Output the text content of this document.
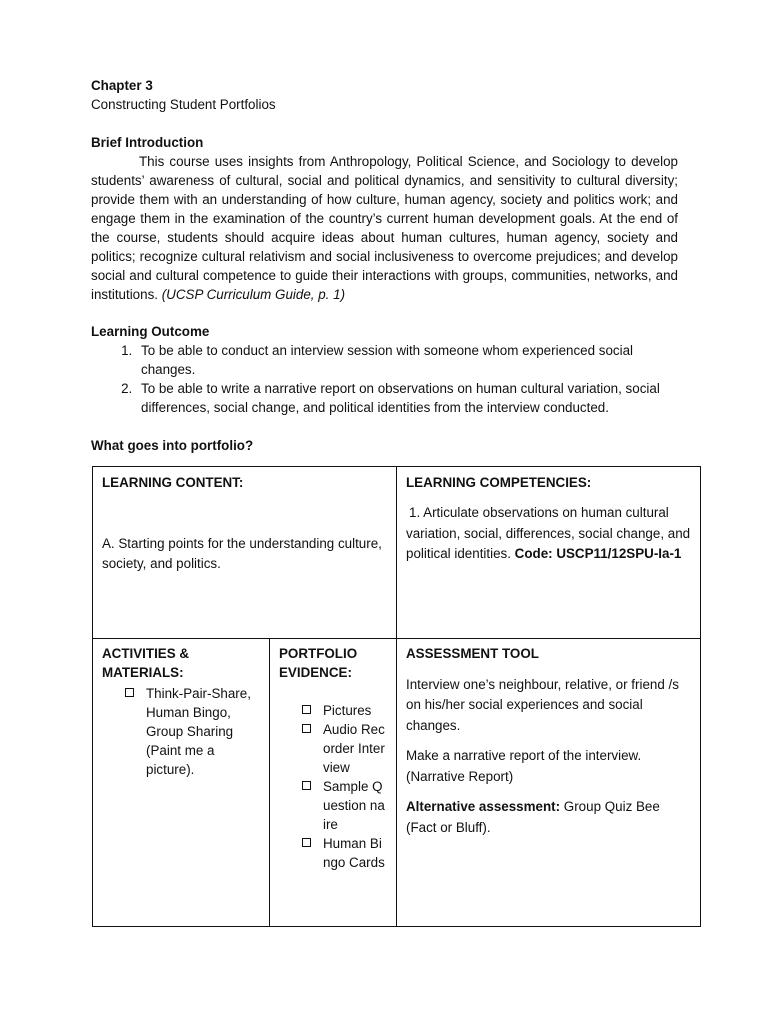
Chapter 3
Constructing Student Portfolios
Brief Introduction
This course uses insights from Anthropology, Political Science, and Sociology to develop students’ awareness of cultural, social and political dynamics, and sensitivity to cultural diversity; provide them with an understanding of how culture, human agency, society and politics work; and engage them in the examination of the country’s current human development goals. At the end of the course, students should acquire ideas about human cultures, human agency, society and politics; recognize cultural relativism and social inclusiveness to overcome prejudices; and develop social and cultural competence to guide their interactions with groups, communities, networks, and institutions. (UCSP Curriculum Guide, p. 1)
Learning Outcome
1. To be able to conduct an interview session with someone whom experienced social changes.
2. To be able to write a narrative report on observations on human cultural variation, social differences, social change, and political identities from the interview conducted.
What goes into portfolio?
LEARNING CONTENT:
A. Starting points for the understanding culture, society, and politics.
LEARNING COMPETENCIES:
1. Articulate observations on human cultural variation, social, differences, social change, and political identities. Code: USCP11/12SPU-Ia-1
ACTIVITIES & MATERIALS:
Think-Pair-Share, Human Bingo, Group Sharing (Paint me a picture).
PORTFOLIO EVIDENCE:
Pictures
Audio Recorder Interview
Sample Question naire
Human Bingo Cards
ASSESSMENT TOOL

Interview one’s neighbour, relative, or friend /s on his/her social experiences and social changes.

Make a narrative report of the interview. (Narrative Report)

Alternative assessment: Group Quiz Bee (Fact or Bluff).
